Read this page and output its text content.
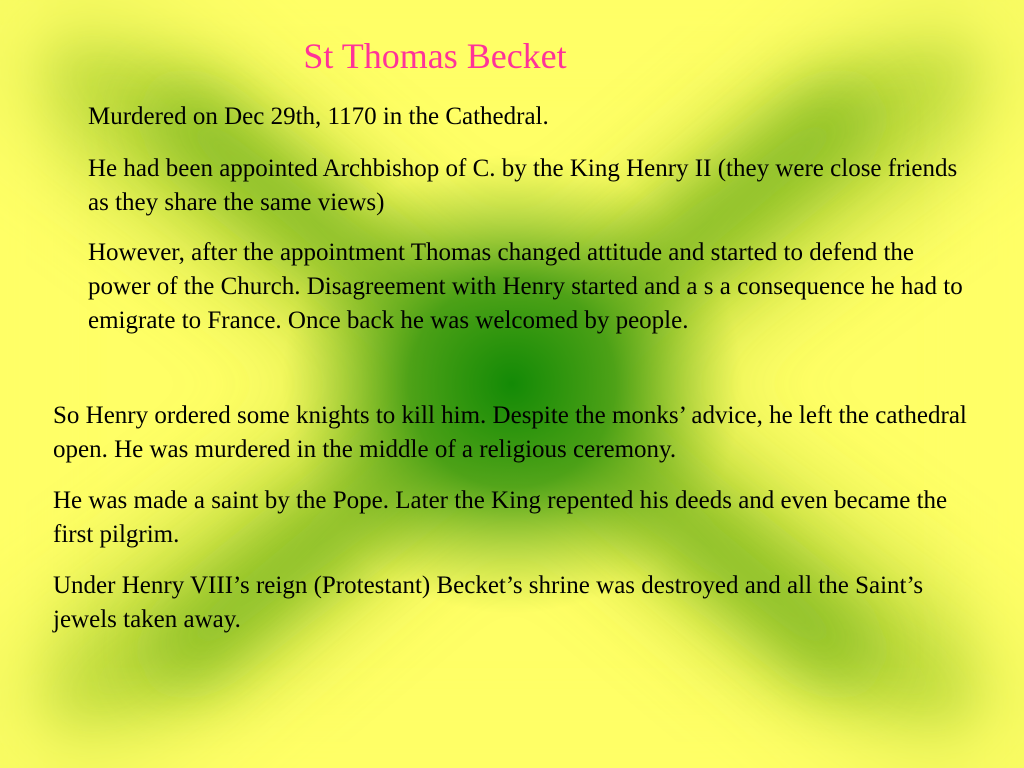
St Thomas Becket

Murdered on Dec 29th, 1170 in the Cathedral.

He had been appointed Archbishop of C. by the King Henry II (they were close friends as they share the same views)

However, after the appointment Thomas changed attitude and started to defend the power of the Church. Disagreement with Henry started and a s a consequence he had to emigrate to France. Once back he was welcomed by people.

So Henry ordered some knights to kill him. Despite the monks’ advice, he left the cathedral open. He was murdered in the middle of a religious ceremony.

He was made a saint by the Pope. Later the King repented his deeds and even became the first pilgrim.

Under Henry VIII’s reign (Protestant) Becket’s shrine was destroyed and all the Saint’s jewels taken away.
